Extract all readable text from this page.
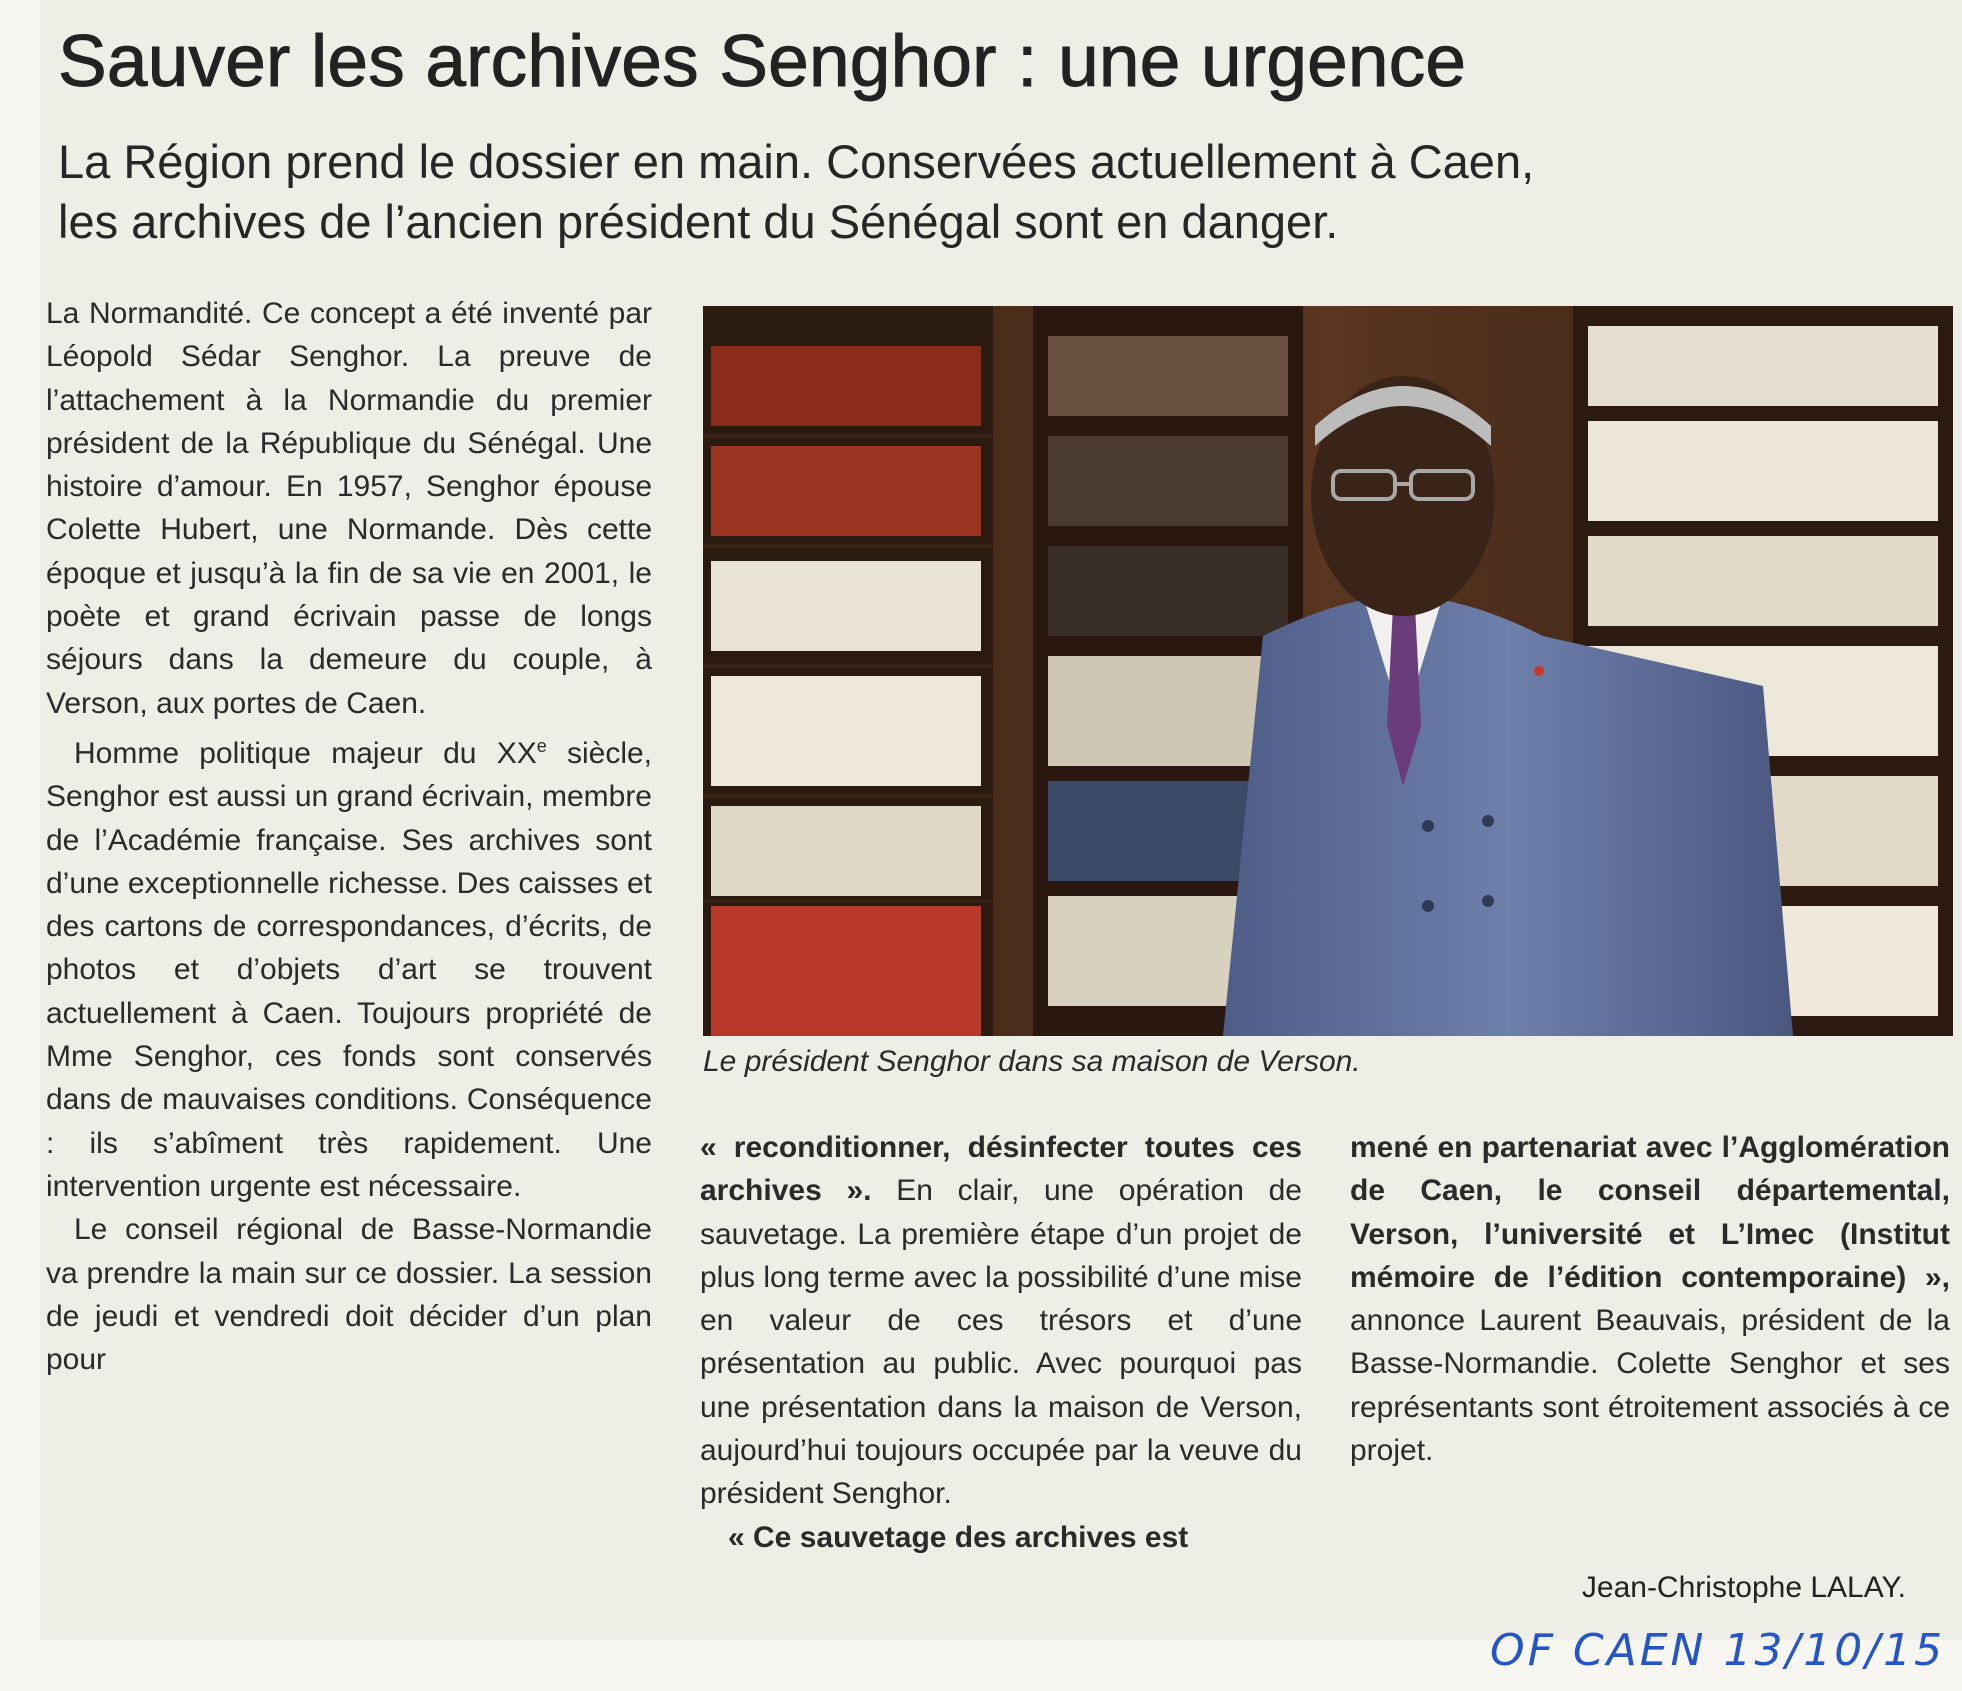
Sauver les archives Senghor : une urgence
La Région prend le dossier en main. Conservées actuellement à Caen,
les archives de l’ancien président du Sénégal sont en danger.

La Normandité. Ce concept a été inventé par Léopold Sédar Senghor. La preuve de l’attachement à la Normandie du premier président de la République du Sénégal. Une histoire d’amour. En 1957, Senghor épouse Colette Hubert, une Normande. Dès cette époque et jusqu’à la fin de sa vie en 2001, le poète et grand écrivain passe de longs séjours dans la demeure du couple, à Verson, aux portes de Caen.

Homme politique majeur du XXe siècle, Senghor est aussi un grand écrivain, membre de l’Académie française. Ses archives sont d’une exceptionnelle richesse. Des caisses et des cartons de correspondances, d’écrits, de photos et d’objets d’art se trouvent actuellement à Caen. Toujours propriété de Mme Senghor, ces fonds sont conservés dans de mauvaises conditions. Conséquence : ils s’abîment très rapidement. Une intervention urgente est nécessaire.

Le conseil régional de Basse-Normandie va prendre la main sur ce dossier. La session de jeudi et vendredi doit décider d’un plan pour

Le président Senghor dans sa maison de Verson.

« reconditionner, désinfecter toutes ces archives ». En clair, une opération de sauvetage. La première étape d’un projet de plus long terme avec la possibilité d’une mise en valeur de ces trésors et d’une présentation au public. Avec pourquoi pas une présentation dans la maison de Verson, aujourd’hui toujours occupée par la veuve du président Senghor.

« Ce sauvetage des archives est

mené en partenariat avec l’Agglomération de Caen, le conseil départemental, Verson, l’université et L’Imec (Institut mémoire de l’édition contemporaine) », annonce Laurent Beauvais, président de la Basse-Normandie. Colette Senghor et ses représentants sont étroitement associés à ce projet.

Jean-Christophe LALAY.
OF CAEN 13/10/15
